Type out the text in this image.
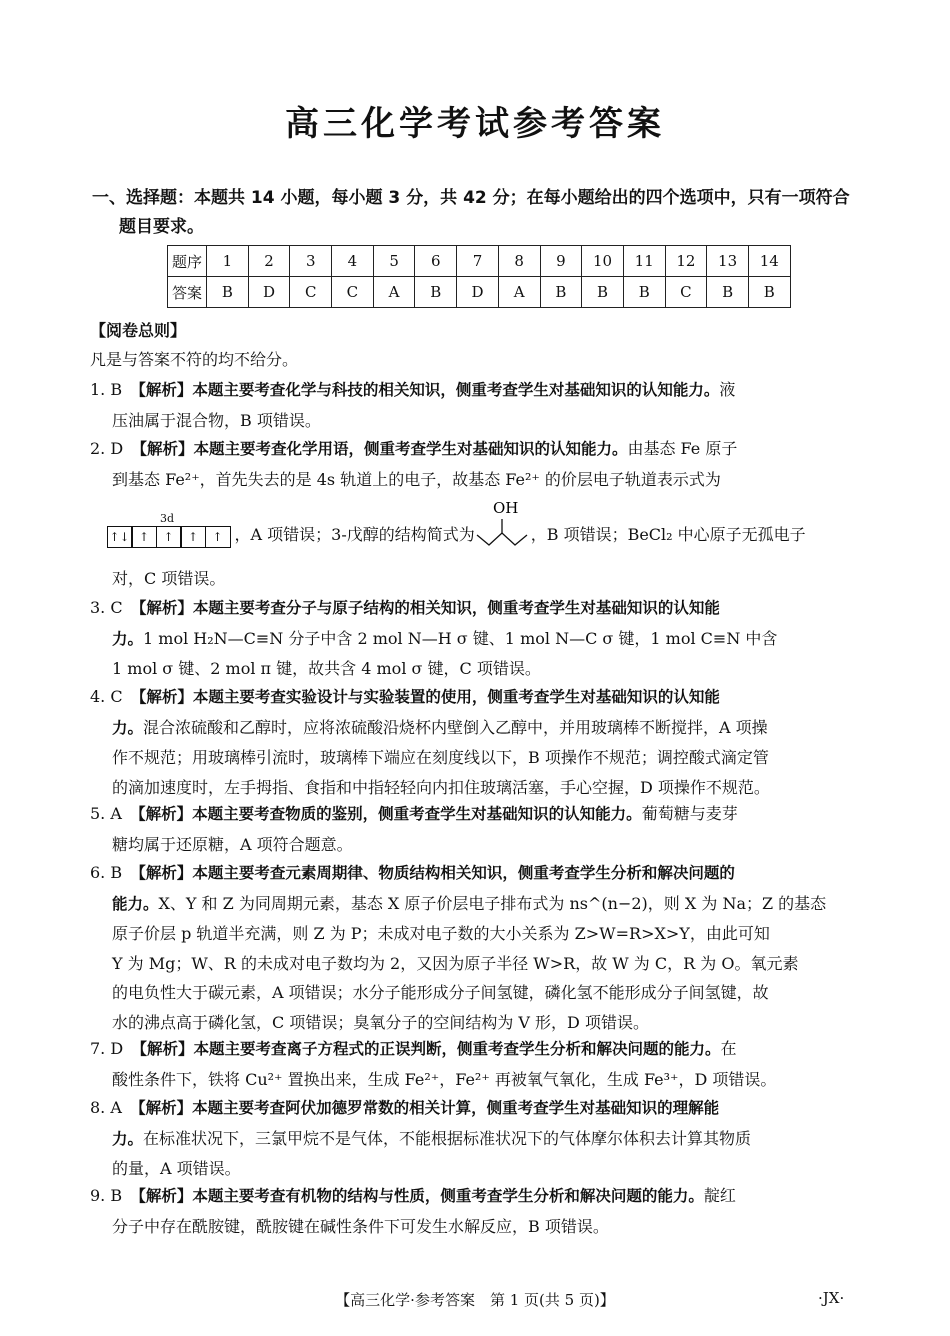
高三化学考试参考答案
一、选择题：本题共 14 小题，每小题 3 分，共 42 分；在每小题给出的四个选项中，只有一项符合
题目要求。
题序	1	2	3	4	5	6	7	8	9	10	11	12	13	14
答案	B	D	C	C	A	B	D	A	B	B	B	C	B	B
【阅卷总则】
凡是与答案不符的均不给分。
1. B　 【解析】本题主要考查化学与科技的相关知识，侧重考查学生对基础知识的认知能力。液
压油属于混合物，B 项错误。
2. D　 【解析】本题主要考查化学用语，侧重考查学生对基础知识的认知能力。由基态 Fe 原子
到基态 Fe²⁺，首先失去的是 4s 轨道上的电子，故基态 Fe²⁺ 的价层电子轨道表示式为
3d
↑↓ ↑ ↑ ↑ ↑ ，A 项错误；3-戊醇的结构简式为
OH
，B 项错误；BeCl₂ 中心原子无孤电子
对，C 项错误。
3. C　 【解析】本题主要考查分子与原子结构的相关知识，侧重考查学生对基础知识的认知能
力。1 mol H₂N—C≡N 分子中含 2 mol N—H σ 键、1 mol N—C σ 键，1 mol C≡N 中含
1 mol σ 键、2 mol π 键，故共含 4 mol σ 键，C 项错误。
4. C　 【解析】本题主要考查实验设计与实验装置的使用，侧重考查学生对基础知识的认知能
力。混合浓硫酸和乙醇时，应将浓硫酸沿烧杯内壁倒入乙醇中，并用玻璃棒不断搅拌，A 项操
作不规范；用玻璃棒引流时，玻璃棒下端应在刻度线以下，B 项操作不规范；调控酸式滴定管
的滴加速度时，左手拇指、食指和中指轻轻向内扣住玻璃活塞，手心空握，D 项操作不规范。
5. A　 【解析】本题主要考查物质的鉴别，侧重考查学生对基础知识的认知能力。葡萄糖与麦芽
糖均属于还原糖，A 项符合题意。
6. B　 【解析】本题主要考查元素周期律、物质结构相关知识，侧重考查学生分析和解决问题的
能力。X、Y 和 Z 为同周期元素，基态 X 原子价层电子排布式为 ns^(n−2)，则 X 为 Na；Z 的基态
原子价层 p 轨道半充满，则 Z 为 P；未成对电子数的大小关系为 Z>W=R>X>Y，由此可知
Y 为 Mg；W、R 的未成对电子数均为 2，又因为原子半径 W>R，故 W 为 C，R 为 O。氧元素
的电负性大于碳元素，A 项错误；水分子能形成分子间氢键，磷化氢不能形成分子间氢键，故
水的沸点高于磷化氢，C 项错误；臭氧分子的空间结构为 V 形，D 项错误。
7. D　 【解析】本题主要考查离子方程式的正误判断，侧重考查学生分析和解决问题的能力。在
酸性条件下，铁将 Cu²⁺ 置换出来，生成 Fe²⁺，Fe²⁺ 再被氧气氧化，生成 Fe³⁺，D 项错误。
8. A　 【解析】本题主要考查阿伏加德罗常数的相关计算，侧重考查学生对基础知识的理解能
力。在标准状况下，三氯甲烷不是气体，不能根据标准状况下的气体摩尔体积去计算其物质
的量，A 项错误。
9. B　 【解析】本题主要考查有机物的结构与性质，侧重考查学生分析和解决问题的能力。靛红
分子中存在酰胺键，酰胺键在碱性条件下可发生水解反应，B 项错误。
【高三化学·参考答案　第 1 页(共 5 页)】	·JX·
